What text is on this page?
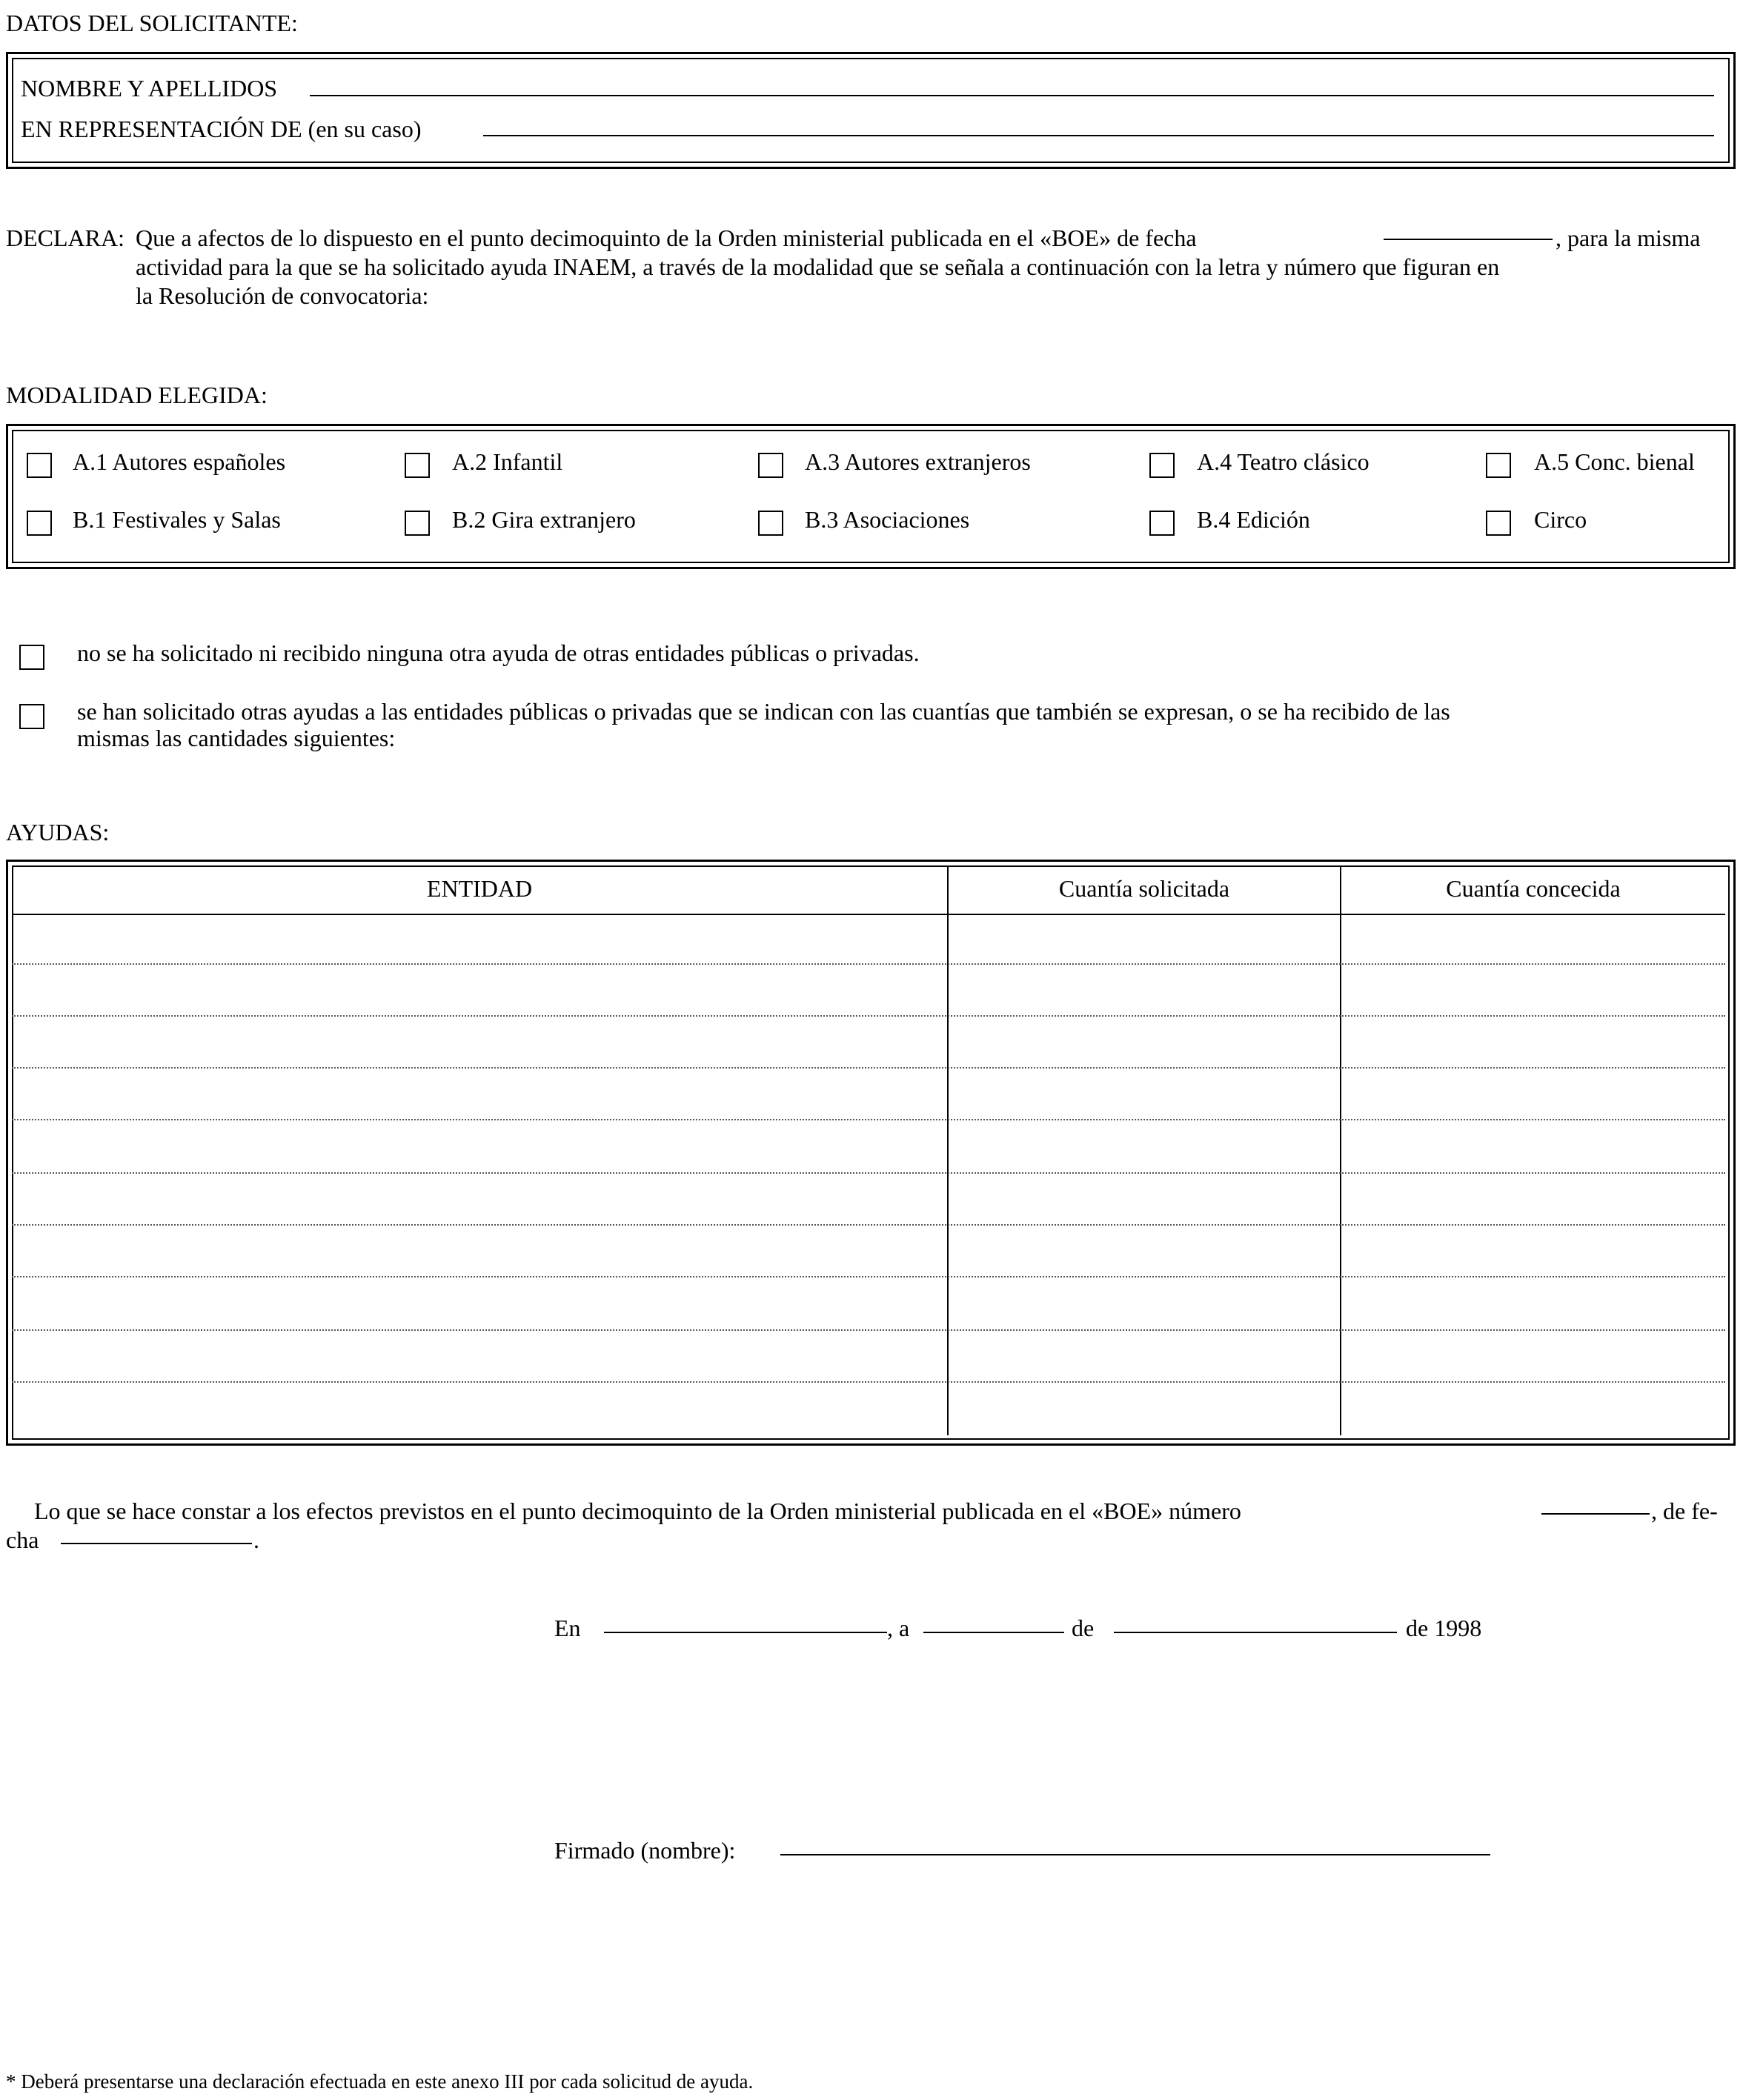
DATOS DEL SOLICITANTE:
NOMBRE Y APELLIDOS
EN REPRESENTACIÓN DE (en su caso)
DECLARA: Que a afectos de lo dispuesto en el punto decimoquinto de la Orden ministerial publicada en el «BOE» de fecha	, para la misma
actividad para la que se ha solicitado ayuda INAEM, a través de la modalidad que se señala a continuación con la letra y número que figuran en
la Resolución de convocatoria:
MODALIDAD ELEGIDA:
A.1 Autores españoles	A.2 Infantil	A.3 Autores extranjeros	A.4 Teatro clásico	A.5 Conc. bienal
B.1 Festivales y Salas	B.2 Gira extranjero	B.3 Asociaciones	B.4 Edición	Circo
no se ha solicitado ni recibido ninguna otra ayuda de otras entidades públicas o privadas.
se han solicitado otras ayudas a las entidades públicas o privadas que se indican con las cuantías que también se expresan, o se ha recibido de las
mismas las cantidades siguientes:
AYUDAS:
ENTIDAD	Cuantía solicitada	Cuantía concecida
Lo que se hace constar a los efectos previstos en el punto decimoquinto de la Orden ministerial publicada en el «BOE» número	, de fe-
cha	.
En	, a	de	de 1998
Firmado (nombre):
* Deberá presentarse una declaración efectuada en este anexo III por cada solicitud de ayuda.
